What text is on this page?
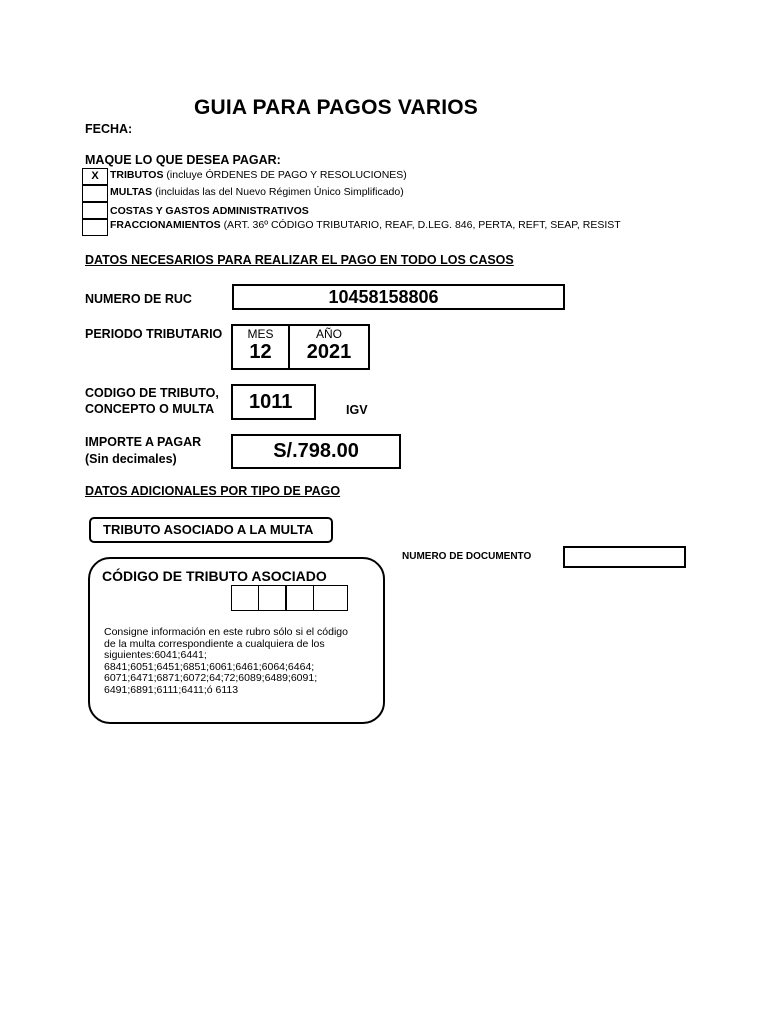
GUIA PARA PAGOS VARIOS
FECHA:
MAQUE LO QUE DESEA PAGAR:
X	TRIBUTOS (incluye ÓRDENES DE PAGO Y RESOLUCIONES)
MULTAS (incluidas las del Nuevo Régimen Único Simplificado)
COSTAS Y GASTOS ADMINISTRATIVOS
FRACCIONAMIENTOS (ART. 36º CÓDIGO TRIBUTARIO, REAF, D.LEG. 846, PERTA, REFT, SEAP, RESIST
DATOS NECESARIOS PARA REALIZAR EL PAGO EN TODO LOS CASOS
NUMERO DE RUC	10458158806
PERIODO TRIBUTARIO	MES
12
AÑO
2021
CODIGO DE TRIBUTO,
CONCEPTO O MULTA	1011	IGV
IMPORTE A PAGAR
(Sin decimales)	S/.798.00
DATOS ADICIONALES POR TIPO DE PAGO
TRIBUTO ASOCIADO A LA MULTA
NUMERO DE DOCUMENTO
CÓDIGO DE TRIBUTO ASOCIADO
Consigne información en este rubro sólo si el código
de la multa correspondiente a cualquiera de los
siguientes:6041;6441;
6841;6051;6451;6851;6061;6461;6064;6464;
6071;6471;6871;6072;64;72;6089;6489;6091;
6491;6891;6111;6411;ó 6113
